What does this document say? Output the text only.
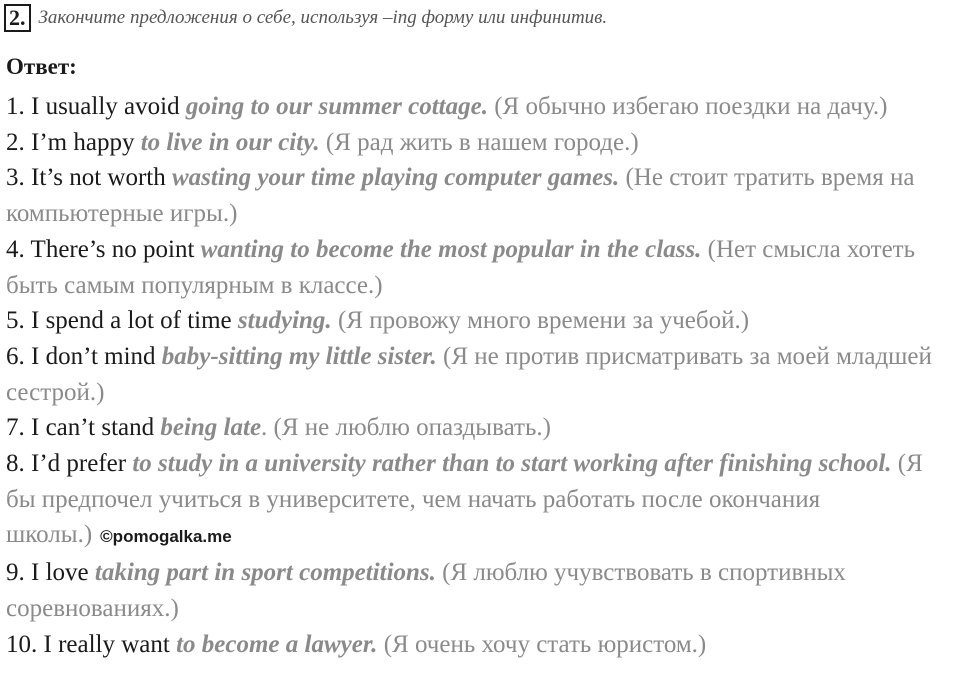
2. Закончите предложения о себе, используя –ing форму или инфинитив.
Ответ:

1. I usually avoid going to our summer cottage. (Я обычно избегаю поездки на дачу.)

2. I’m happy to live in our city. (Я рад жить в нашем городе.)

3. It’s not worth wasting your time playing computer games. (Не стоит тратить время на компьютерные игры.)

4. There’s no point wanting to become the most popular in the class. (Нет смысла хотеть быть самым популярным в классе.)

5. I spend a lot of time studying. (Я провожу много времени за учебой.)

6. I don’t mind baby-sitting my little sister. (Я не против присматривать за моей младшей сестрой.)

7. I can’t stand being late. (Я не люблю опаздывать.)

8. I’d prefer to study in a university rather than to start working after finishing school. (Я бы предпочел учиться в университете, чем начать работать после окончания школы.) ©pomogalka.me

9. I love taking part in sport competitions. (Я люблю учувствовать в спортивных соревнованиях.)

10. I really want to become a lawyer. (Я очень хочу стать юристом.)
